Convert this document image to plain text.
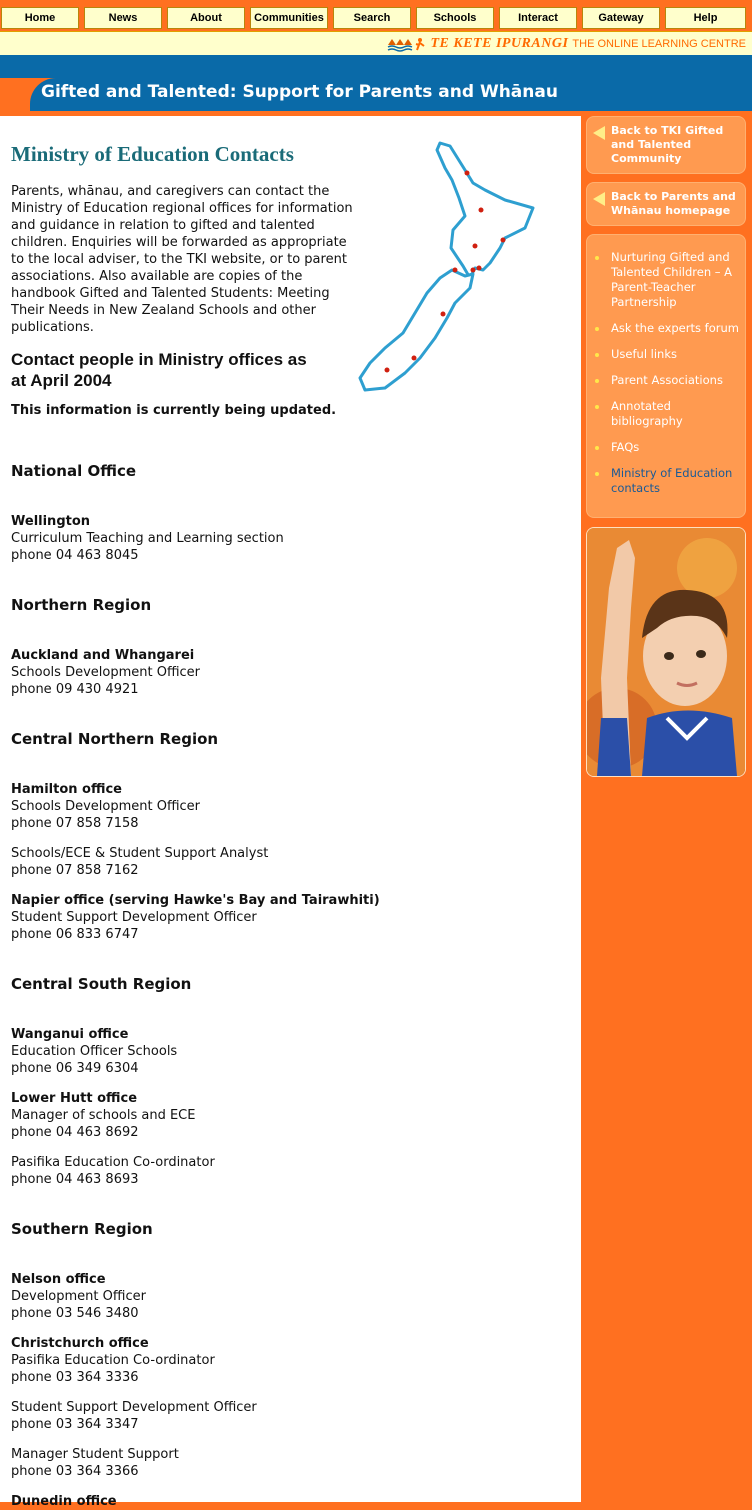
Home	News	About	Communities	Search	Schools	Interact	Gateway	Help
TE KETE IPURANGI THE ONLINE LEARNING CENTRE
Gifted and Talented: Support for Parents and Whānau
Ministry of Education Contacts

Parents, whānau, and caregivers can contact the Ministry of Education regional offices for information and guidance in relation to gifted and talented children. Enquiries will be forwarded as appropriate to the local adviser, to the TKI website, or to parent associations. Also available are copies of the handbook Gifted and Talented Students: Meeting Their Needs in New Zealand Schools and other publications.

Contact people in Ministry offices as at April 2004

This information is currently being updated.

National Office

Wellington
Curriculum Teaching and Learning section
phone 04 463 8045

Northern Region

Auckland and Whangarei
Schools Development Officer
phone 09 430 4921

Central Northern Region

Hamilton office
Schools Development Officer
phone 07 858 7158
Schools/ECE & Student Support Analyst
phone 07 858 7162
Napier office (serving Hawke's Bay and Tairawhiti)
Student Support Development Officer
phone 06 833 6747

Central South Region

Wanganui office
Education Officer Schools
phone 06 349 6304
Lower Hutt office
Manager of schools and ECE
phone 04 463 8692
Pasifika Education Co-ordinator
phone 04 463 8693

Southern Region

Nelson office
Development Officer
phone 03 546 3480
Christchurch office
Pasifika Education Co-ordinator
phone 03 364 3336
Student Support Development Officer
phone 03 364 3347
Manager Student Support
phone 03 364 3366
Dunedin office
Back to TKI Gifted and Talented Community
Back to Parents and Whānau homepage
Nurturing Gifted and Talented Children – A Parent-Teacher Partnership
Ask the experts forum
Useful links
Parent Associations
Annotated bibliography
FAQs
Ministry of Education contacts
